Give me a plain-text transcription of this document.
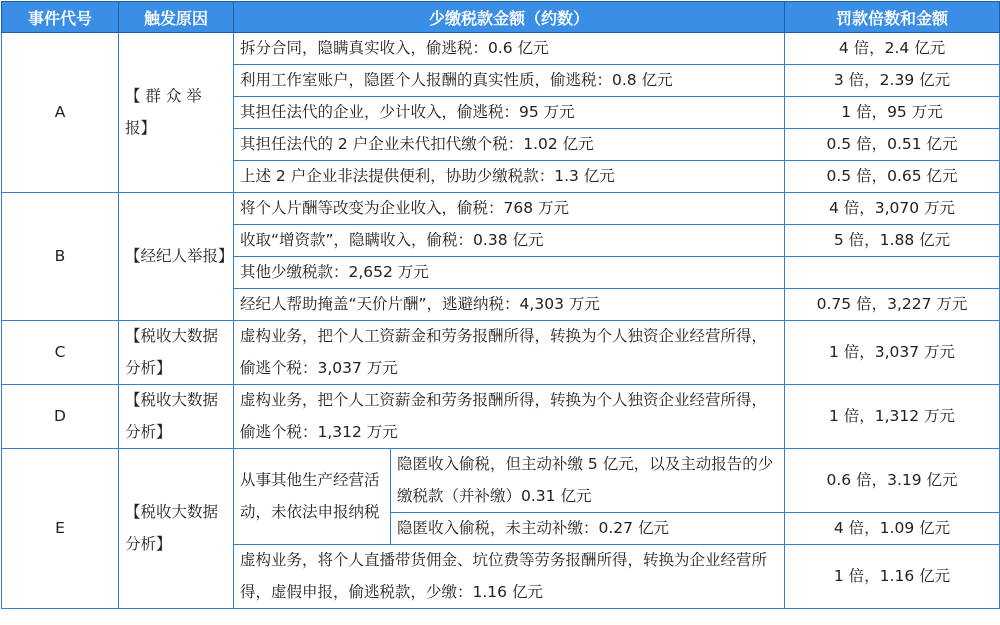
事件代号	触发原因	少缴税款金额（约数）		罚款倍数和金额
A	【 群 众 举 报】	拆分合同，隐瞒真实收入，偷逃税：0.6 亿元		4 倍，2.4 亿元
		利用工作室账户，隐匿个人报酬的真实性质，偷逃税：0.8 亿元		3 倍，2.39 亿元
		其担任法代的企业，少计收入，偷逃税：95 万元		1 倍，95 万元
		其担任法代的 2 户企业未代扣代缴个税：1.02 亿元		0.5 倍，0.51 亿元
		上述 2 户企业非法提供便利，协助少缴税款：1.3 亿元		0.5 倍，0.65 亿元
B	【经纪人举报】	将个人片酬等改变为企业收入，偷税：768 万元		4 倍，3,070 万元
		收取“增资款”，隐瞒收入，偷税：0.38 亿元		5 倍，1.88 亿元
		其他少缴税款：2,652 万元		
		经纪人帮助掩盖“天价片酬”，逃避纳税：4,303 万元		0.75 倍，3,227 万元
C	【税收大数据分析】	虚构业务，把个人工资薪金和劳务报酬所得，转换为个人独资企业经营所得，偷逃个税：3,037 万元		1 倍，3,037 万元
D	【税收大数据分析】	虚构业务，把个人工资薪金和劳务报酬所得，转换为个人独资企业经营所得，偷逃个税：1,312 万元		1 倍，1,312 万元
E	【税收大数据分析】	从事其他生产经营活动，未依法申报纳税	隐匿收入偷税，但主动补缴 5 亿元，以及主动报告的少缴税款（并补缴）0.31 亿元	0.6 倍，3.19 亿元
			隐匿收入偷税，未主动补缴：0.27 亿元	4 倍，1.09 亿元
		虚构业务，将个人直播带货佣金、坑位费等劳务报酬所得，转换为企业经营所得，虚假申报，偷逃税款，少缴：1.16 亿元		1 倍，1.16 亿元
